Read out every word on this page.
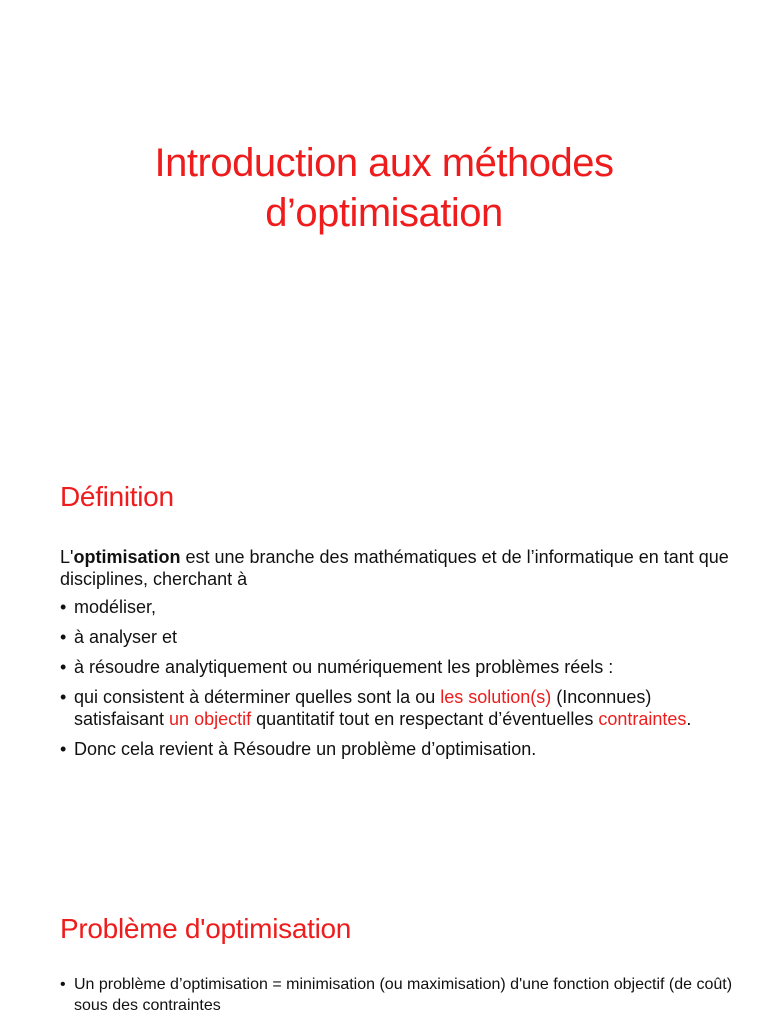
Introduction aux méthodes
d’optimisation
Définition

L'optimisation est une branche des mathématiques et de l’informatique en tant que disciplines, cherchant à

• modéliser,
• à analyser et
• à résoudre analytiquement ou numériquement les problèmes réels :
• qui consistent à déterminer quelles sont la ou les solution(s) (Inconnues) satisfaisant un objectif quantitatif tout en respectant d’éventuelles contraintes.
• Donc cela revient à Résoudre un problème d’optimisation.
Problème d'optimisation
• Un problème d’optimisation = minimisation (ou maximisation) d'une fonction objectif (de coût) sous des contraintes
